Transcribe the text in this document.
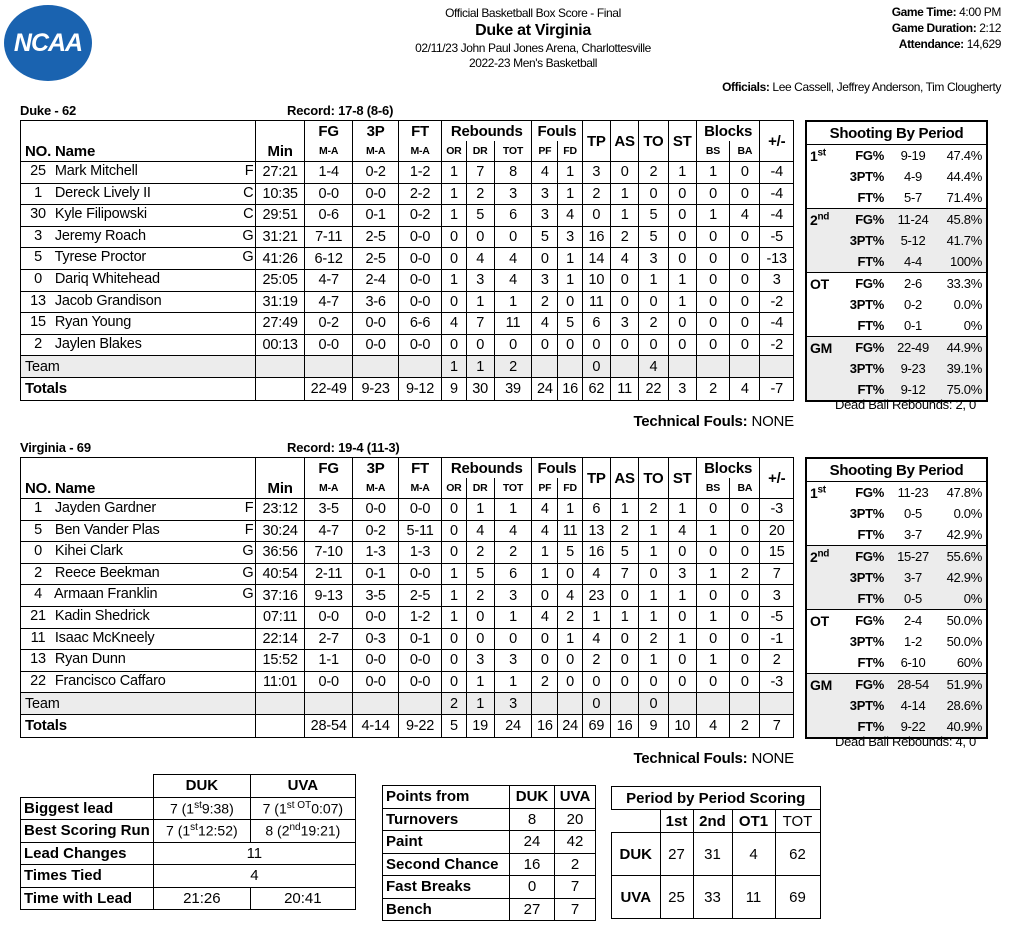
NCAA
®
Official Basketball Box Score - Final
Duke at Virginia
02/11/23 John Paul Jones Arena, Charlottesville
2022-23 Men's Basketball
Game Time: 4:00 PM
Game Duration: 2:12
Attendance: 14,629
Officials: Lee Cassell, Jeffrey Anderson, Tim Clougherty
Duke - 62	Record: 17-8 (8-6)
		FG	3P	FT	Rebounds			Fouls		TP	AS	TO	ST	Blocks		+/-
NO. Name	Min	M-A	M-A	M-A	OR	DR	TOT	PF	FD					BS	BA	

25 Mark Mitchell F	27:21	1-4	0-2	1-2	1	7	8	4	1	3	0	2	1	1	0	-4

1 Dereck Lively II C	10:35	0-0	0-0	2-2	1	2	3	3	1	2	1	0	0	0	0	-4

30 Kyle Filipowski C	29:51	0-6	0-1	0-2	1	5	6	3	4	0	1	5	0	1	4	-4

3 Jeremy Roach G	31:21	7-11	2-5	0-0	0	0	0	5	3	16	2	5	0	0	0	-5

5 Tyrese Proctor G	41:26	6-12	2-5	0-0	0	4	4	0	1	14	4	3	0	0	0	-13

0 Dariq Whitehead	25:05	4-7	2-4	0-0	1	3	4	3	1	10	0	1	1	0	0	3

13 Jacob Grandison	31:19	4-7	3-6	0-0	0	1	1	2	0	11	0	0	1	0	0	-2

15 Ryan Young	27:49	0-2	0-0	6-6	4	7	11	4	5	6	3	2	0	0	0	-4

2 Jaylen Blakes	00:13	0-0	0-0	0-0	0	0	0	0	0	0	0	0	0	0	0	-2
Team					1	1	2			0		4				
Totals		22-49	9-23	9-12	9	30	39	24	16	62	11	22	3	2	4	-7
Technical Fouls: NONE
Shooting By Period			
1st	FG%	9-19	47.4%
	3PT%	4-9	44.4%
	FT%	5-7	71.4%
2nd	FG%	11-24	45.8%
	3PT%	5-12	41.7%
	FT%	4-4	100%
OT	FG%	2-6	33.3%
	3PT%	0-2	0.0%
	FT%	0-1	0%
GM	FG%	22-49	44.9%
	3PT%	9-23	39.1%
	FT%	9-12	75.0%
Dead Ball Rebounds: 2, 0
Virginia - 69	Record: 19-4 (11-3)
		FG	3P	FT	Rebounds			Fouls		TP	AS	TO	ST	Blocks		+/-
NO. Name	Min	M-A	M-A	M-A	OR	DR	TOT	PF	FD					BS	BA	

1 Jayden Gardner F	23:12	3-5	0-0	0-0	0	1	1	4	1	6	1	2	1	0	0	-3

5 Ben Vander Plas F	30:24	4-7	0-2	5-11	0	4	4	4	11	13	2	1	4	1	0	20

0 Kihei Clark G	36:56	7-10	1-3	1-3	0	2	2	1	5	16	5	1	0	0	0	15

2 Reece Beekman G	40:54	2-11	0-1	0-0	1	5	6	1	0	4	7	0	3	1	2	7

4 Armaan Franklin G	37:16	9-13	3-5	2-5	1	2	3	0	4	23	0	1	1	0	0	3

21 Kadin Shedrick	07:11	0-0	0-0	1-2	1	0	1	4	2	1	1	1	0	1	0	-5

11 Isaac McKneely	22:14	2-7	0-3	0-1	0	0	0	0	1	4	0	2	1	0	0	-1

13 Ryan Dunn	15:52	1-1	0-0	0-0	0	3	3	0	0	2	0	1	0	1	0	2

22 Francisco Caffaro	11:01	0-0	0-0	0-0	0	1	1	2	0	0	0	0	0	0	0	-3
Team					2	1	3			0		0				
Totals		28-54	4-14	9-22	5	19	24	16	24	69	16	9	10	4	2	7
Technical Fouls: NONE
Shooting By Period			
1st	FG%	11-23	47.8%
	3PT%	0-5	0.0%
	FT%	3-7	42.9%
2nd	FG%	15-27	55.6%
	3PT%	3-7	42.9%
	FT%	0-5	0%
OT	FG%	2-4	50.0%
	3PT%	1-2	50.0%
	FT%	6-10	60%
GM	FG%	28-54	51.9%
	3PT%	4-14	28.6%
	FT%	9-22	40.9%
Dead Ball Rebounds: 4, 0
	DUK	UVA
Biggest lead	7 (1st9:38)	7 $(1^{st OT}0:07)$
Best Scoring Run	7 (1st12:52)	8 (2nd19:21)
Lead Changes	11	
Times Tied	4	
Time with Lead	21:26	20:41
Points from	DUK	UVA
Turnovers	8	20
Paint	24	42
Second Chance	16	2
Fast Breaks	0	7
Bench	27	7
Period by Period Scoring				
	1st	2nd	OT1	TOT
DUK	27	31	4	62
UVA	25	33	11	69
